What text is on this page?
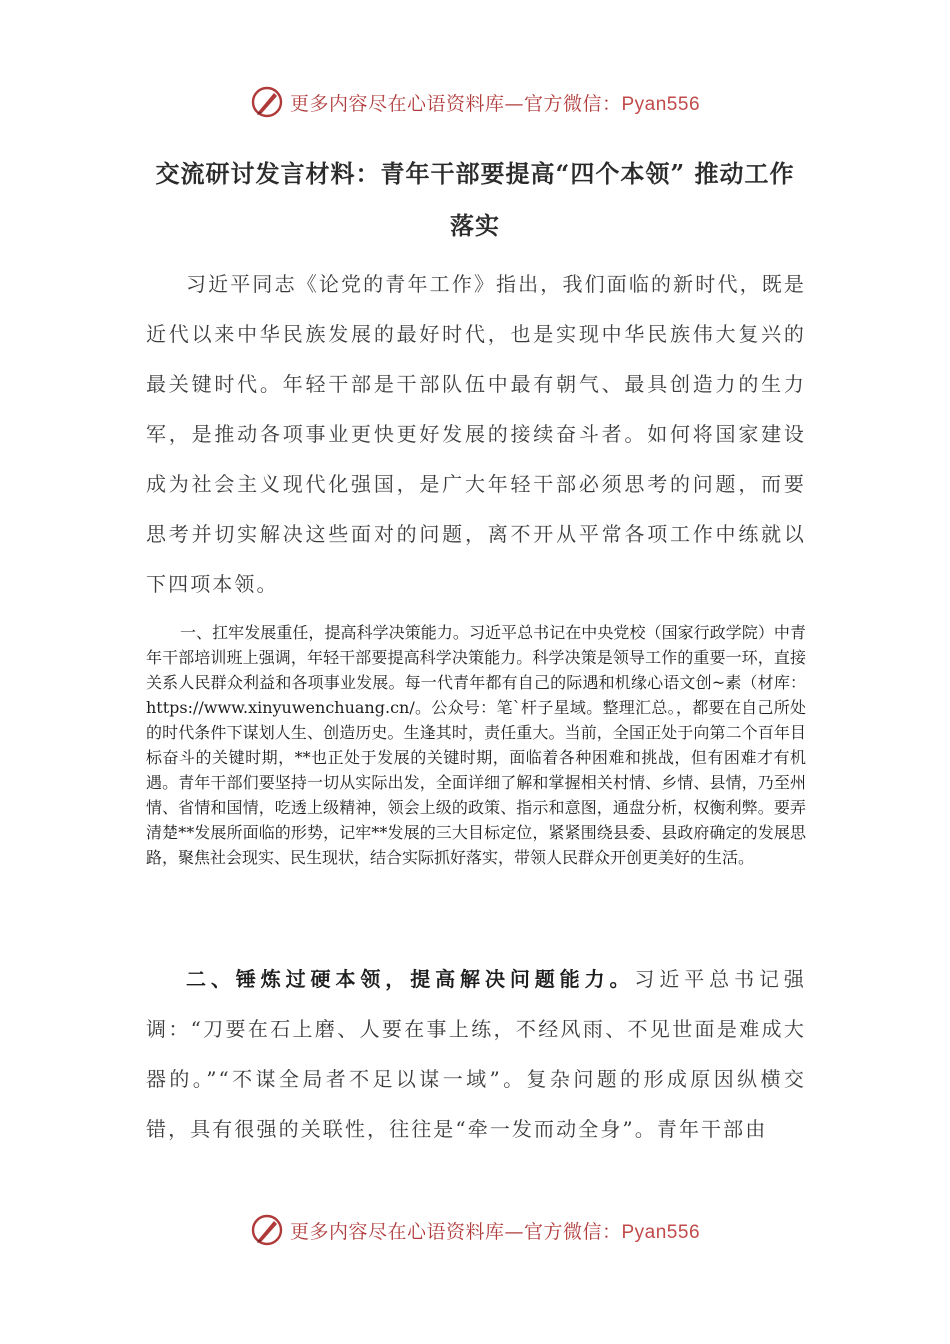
更多内容尽在心语资料库—官方微信：Pyan556
交流研讨发言材料：青年干部要提高“四个本领” 推动工作落实

习近平同志《论党的青年工作》指出，我们面临的新时代，既是近代以来中华民族发展的最好时代，也是实现中华民族伟大复兴的最关键时代。年轻干部是干部队伍中最有朝气、最具创造力的生力军，是推动各项事业更快更好发展的接续奋斗者。如何将国家建设成为社会主义现代化强国，是广大年轻干部必须思考的问题，而要思考并切实解决这些面对的问题，离不开从平常各项工作中练就以下四项本领。

一、扛牢发展重任，提高科学决策能力。习近平总书记在中央党校（国家行政学院）中青年干部培训班上强调，年轻干部要提高科学决策能力。科学决策是领导工作的重要一环，直接关系人民群众利益和各项事业发展。每一代青年都有自己的际遇和机缘心语文创~素（材库：https://www.xinyuwenchuang.cn/。公众号：笔`杆子星域。整理汇总。，都要在自己所处的时代条件下谋划人生、创造历史。生逢其时，责任重大。当前，全国正处于向第二个百年目标奋斗的关键时期，**也正处于发展的关键时期，面临着各种困难和挑战，但有困难才有机遇。青年干部们要坚持一切从实际出发，全面详细了解和掌握相关村情、乡情、县情，乃至州情、省情和国情，吃透上级精神，领会上级的政策、指示和意图，通盘分析，权衡利弊。要弄清楚**发展所面临的形势，记牢**发展的三大目标定位，紧紧围绕县委、县政府确定的发展思路，聚焦社会现实、民生现状，结合实际抓好落实，带领人民群众开创更美好的生活。

二、锤炼过硬本领，提高解决问题能力。习近平总书记强调：“刀要在石上磨、人要在事上练，不经风雨、不见世面是难成大器的。”“不谋全局者不足以谋一域”。复杂问题的形成原因纵横交错，具有很强的关联性，往往是“牵一发而动全身”。青年干部由

更多内容尽在心语资料库—官方微信：Pyan556
